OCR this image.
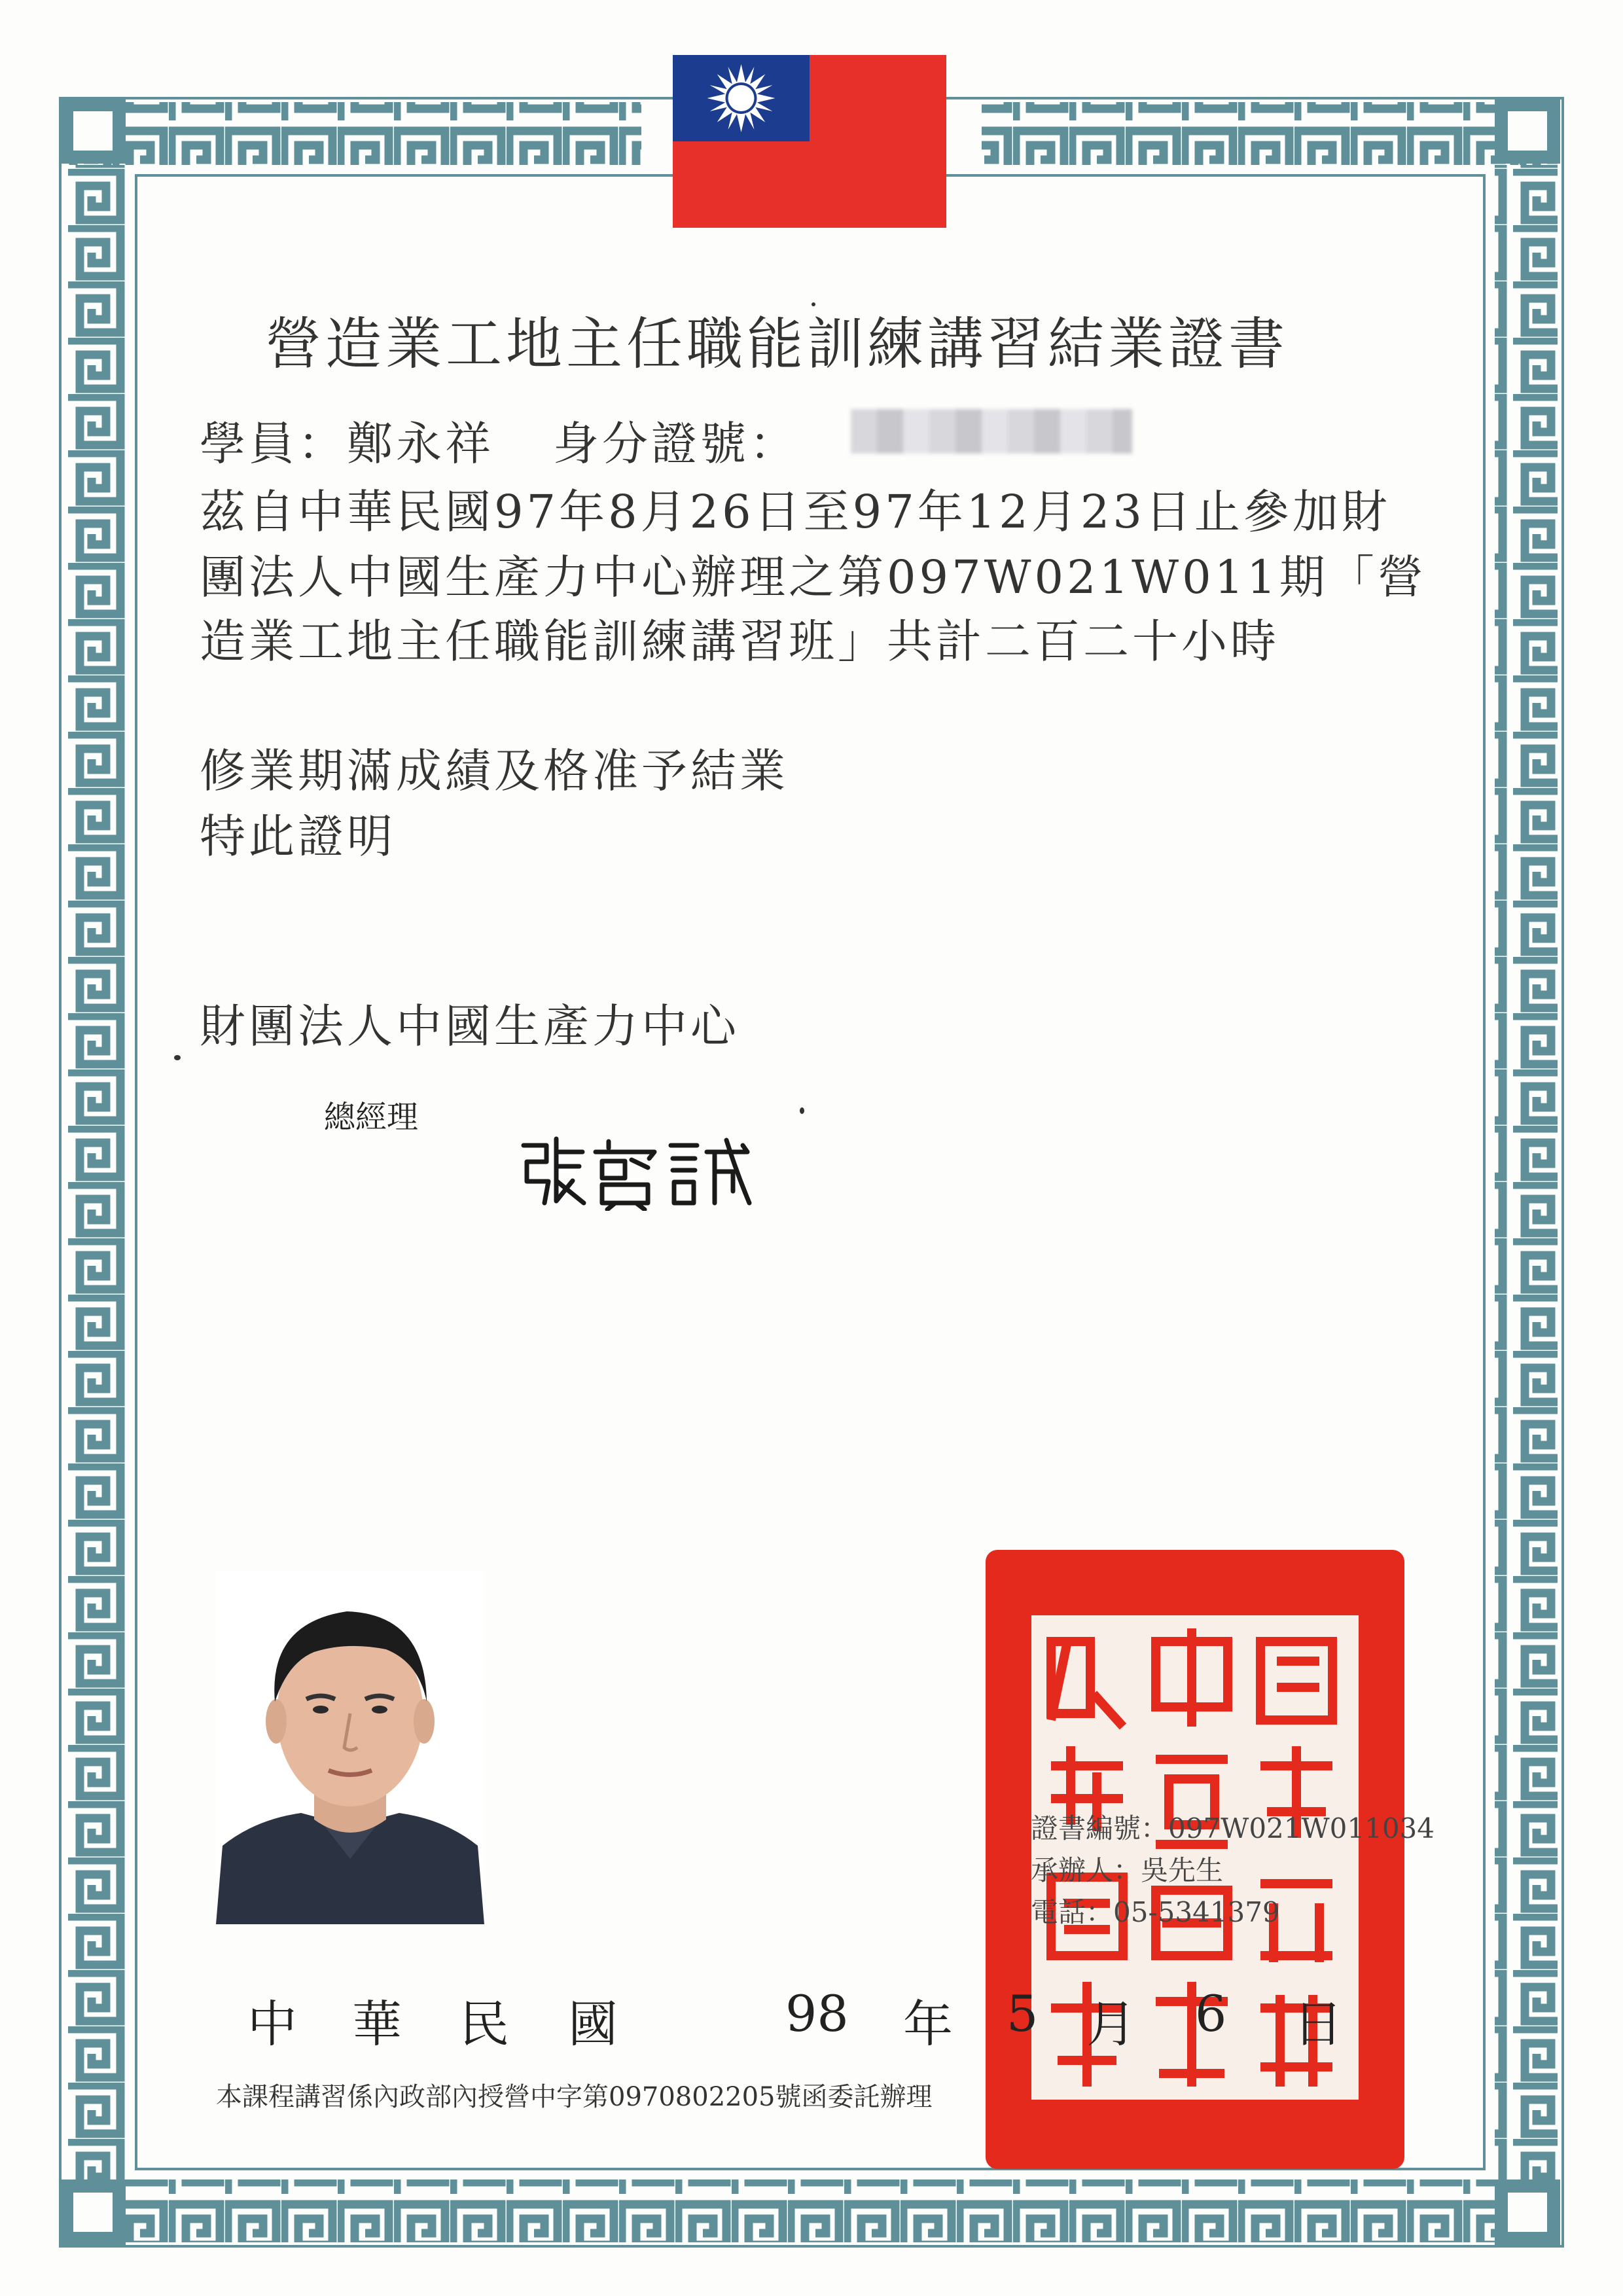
營造業工地主任職能訓練講習結業證書
學員：鄭永祥 身分證號：
茲自中華民國97年8月26日至97年12月23日止參加財
團法人中國生產力中心辦理之第097W021W011期「營
造業工地主任職能訓練講習班」共計二百二十小時
修業期滿成績及格准予結業
特此證明
財團法人中國生產力中心
總經理
證書編號：097W021W011034
承辦人：吳先生
電話：05-5341379
中 華 民 國	98 年 5 月 6 日
本課程講習係內政部內授營中字第0970802205號函委託辦理
